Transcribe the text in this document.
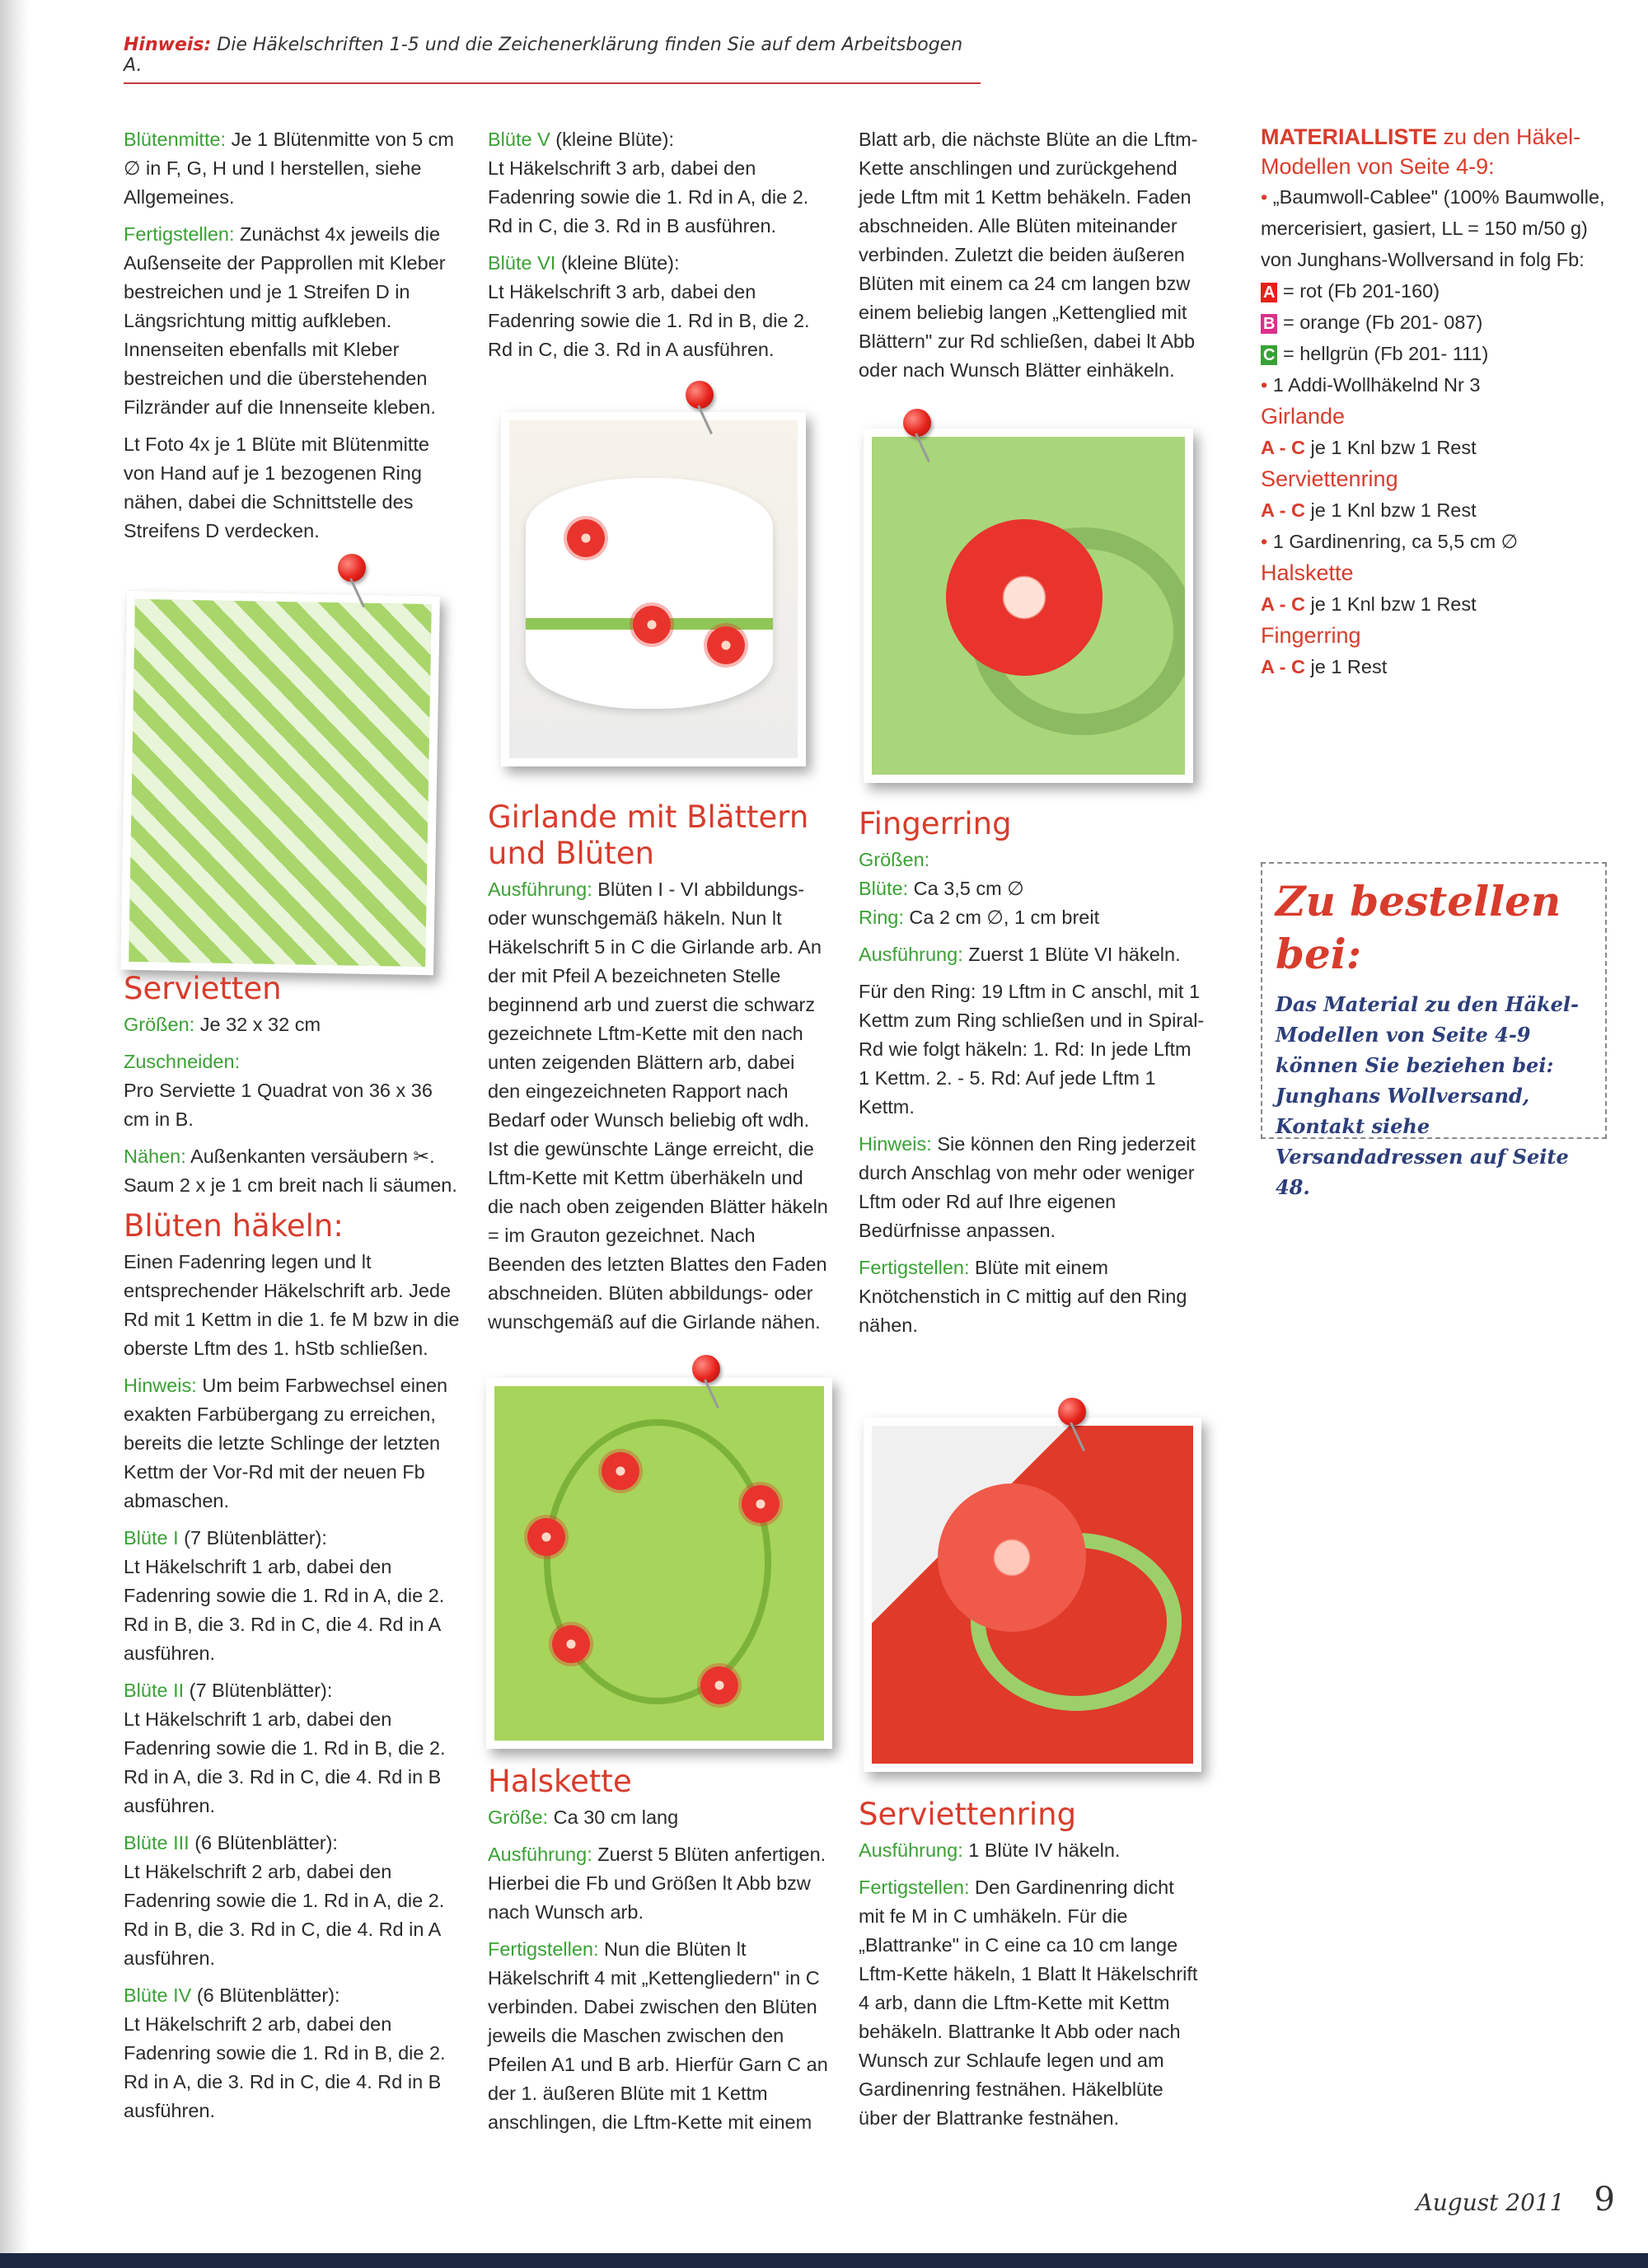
Hinweis: Die Häkelschriften 1-5 und die Zeichenerklärung finden Sie auf dem Arbeitsbogen A.

Blütenmitte: Je 1 Blütenmitte von 5 cm ∅ in F, G, H und I herstellen, siehe Allgemeines.

Fertigstellen: Zunächst 4x jeweils die Außenseite der Papprollen mit Kleber bestreichen und je 1 Streifen D in Längsrichtung mittig aufkleben. Innenseiten ebenfalls mit Kleber bestreichen und die überstehenden Filzränder auf die Innenseite kleben.

Lt Foto 4x je 1 Blüte mit Blütenmitte von Hand auf je 1 bezogenen Ring nähen, dabei die Schnittstelle des Streifens D verdecken.

Servietten

Größen: Je 32 x 32 cm

Zuschneiden:
Pro Serviette 1 Quadrat von 36 x 36 cm in B.

Nähen: Außenkanten versäubern ✂. Saum 2 x je 1 cm breit nach li säumen.

Blüten häkeln:

Einen Fadenring legen und lt entsprechender Häkelschrift arb. Jede Rd mit 1 Kettm in die 1. fe M bzw in die oberste Lftm des 1. hStb schließen.

Hinweis: Um beim Farbwechsel einen exakten Farbübergang zu erreichen, bereits die letzte Schlinge der letzten Kettm der Vor-Rd mit der neuen Fb abmaschen.

Blüte I (7 Blütenblätter):
Lt Häkelschrift 1 arb, dabei den Fadenring sowie die 1. Rd in A, die 2. Rd in B, die 3. Rd in C, die 4. Rd in A ausführen.

Blüte II (7 Blütenblätter):
Lt Häkelschrift 1 arb, dabei den Fadenring sowie die 1. Rd in B, die 2. Rd in A, die 3. Rd in C, die 4. Rd in B ausführen.

Blüte III (6 Blütenblätter):
Lt Häkelschrift 2 arb, dabei den Fadenring sowie die 1. Rd in A, die 2. Rd in B, die 3. Rd in C, die 4. Rd in A ausführen.

Blüte IV (6 Blütenblätter):
Lt Häkelschrift 2 arb, dabei den Fadenring sowie die 1. Rd in B, die 2. Rd in A, die 3. Rd in C, die 4. Rd in B ausführen.

Blüte V (kleine Blüte):
Lt Häkelschrift 3 arb, dabei den Fadenring sowie die 1. Rd in A, die 2. Rd in C, die 3. Rd in B ausführen.

Blüte VI (kleine Blüte):
Lt Häkelschrift 3 arb, dabei den Fadenring sowie die 1. Rd in B, die 2. Rd in C, die 3. Rd in A ausführen.

Girlande mit Blättern und Blüten

Ausführung: Blüten I - VI abbildungs- oder wunschgemäß häkeln. Nun lt Häkelschrift 5 in C die Girlande arb. An der mit Pfeil A bezeichneten Stelle beginnend arb und zuerst die schwarz gezeichnete Lftm-Kette mit den nach unten zeigenden Blättern arb, dabei den eingezeichneten Rapport nach Bedarf oder Wunsch beliebig oft wdh. Ist die gewünschte Länge erreicht, die Lftm-Kette mit Kettm überhäkeln und die nach oben zeigenden Blätter häkeln = im Grauton gezeichnet. Nach Beenden des letzten Blattes den Faden abschneiden. Blüten abbildungs- oder wunschgemäß auf die Girlande nähen.

Halskette

Größe: Ca 30 cm lang

Ausführung: Zuerst 5 Blüten anfertigen. Hierbei die Fb und Größen lt Abb bzw nach Wunsch arb.

Fertigstellen: Nun die Blüten lt Häkelschrift 4 mit „Kettengliedern" in C verbinden. Dabei zwischen den Blüten jeweils die Maschen zwischen den Pfeilen A1 und B arb. Hierfür Garn C an der 1. äußeren Blüte mit 1 Kettm anschlingen, die Lftm-Kette mit einem

Blatt arb, die nächste Blüte an die Lftm-Kette anschlingen und zurückgehend jede Lftm mit 1 Kettm behäkeln. Faden abschneiden. Alle Blüten miteinander verbinden. Zuletzt die beiden äußeren Blüten mit einem ca 24 cm langen bzw einem beliebig langen „Kettenglied mit Blättern" zur Rd schließen, dabei lt Abb oder nach Wunsch Blätter einhäkeln.

Fingerring

Größen:

Blüte: Ca 3,5 cm ∅

Ring: Ca 2 cm ∅, 1 cm breit

Ausführung: Zuerst 1 Blüte VI häkeln.

Für den Ring: 19 Lftm in C anschl, mit 1 Kettm zum Ring schließen und in Spiral-Rd wie folgt häkeln: 1. Rd: In jede Lftm 1 Kettm. 2. - 5. Rd: Auf jede Lftm 1 Kettm.

Hinweis: Sie können den Ring jederzeit durch Anschlag von mehr oder weniger Lftm oder Rd auf Ihre eigenen Bedürfnisse anpassen.

Fertigstellen: Blüte mit einem Knötchenstich in C mittig auf den Ring nähen.

Serviettenring

Ausführung: 1 Blüte IV häkeln.

Fertigstellen: Den Gardinenring dicht mit fe M in C umhäkeln. Für die „Blattranke" in C eine ca 10 cm lange Lftm-Kette häkeln, 1 Blatt lt Häkelschrift 4 arb, dann die Lftm-Kette mit Kettm behäkeln. Blattranke lt Abb oder nach Wunsch zur Schlaufe legen und am Gardinenring festnähen. Häkelblüte über der Blattranke festnähen.

MATERIALLISTE zu den Häkel-Modellen von Seite 4-9:
• „Baumwoll-Cablee" (100% Baumwolle, mercerisiert, gasiert, LL = 150 m/50 g) von Junghans-Wollversand in folg Fb:
A = rot (Fb 201-160)
B = orange (Fb 201- 087)
C = hellgrün (Fb 201- 111)
• 1 Addi-Wollhäkelnd Nr 3
Girlande
A - C je 1 Knl bzw 1 Rest
Serviettenring
A - C je 1 Knl bzw 1 Rest
• 1 Gardinenring, ca 5,5 cm ∅
Halskette
A - C je 1 Knl bzw 1 Rest
Fingerring
A - C je 1 Rest
Zu bestellen bei:
Das Material zu den Häkel-Modellen von Seite 4-9 können Sie beziehen bei: Junghans Wollversand, Kontakt siehe Versandadressen auf Seite 48.
August 2011 9
